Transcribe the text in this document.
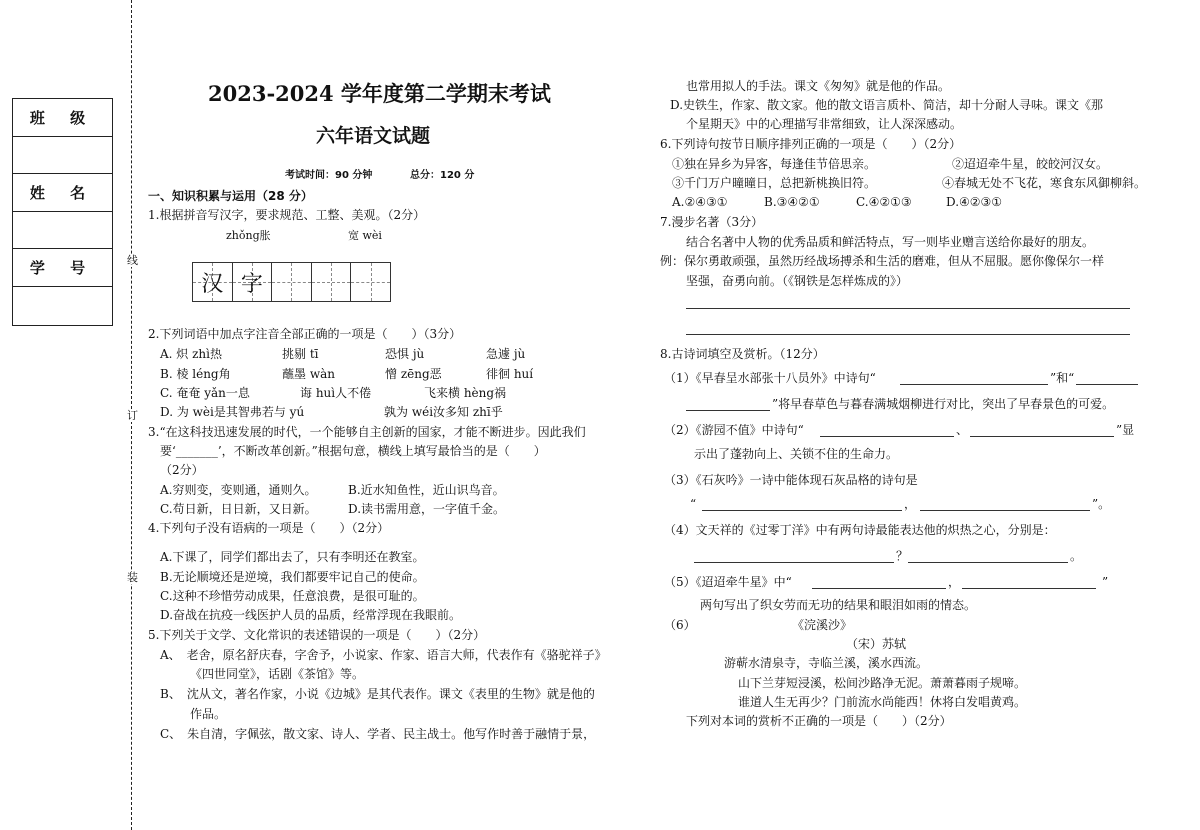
线
订
装
班 级
姓 名
学 号
2023-2024 学年度第二学期末考试
六年语文试题
考试时间：90 分钟	总分：120 分
一、知识积累与运用（28 分）
1.根据拼音写汉字，要求规范、工整、美观。（2分）
zhǒng胀	宽 wèi
汉 字
2.下列词语中加点字注音全部正确的一项是（　　）（3分）
A. 炽 zhì热	挑剔 tī	恐惧 jù	急遽 jù
B. 棱 léng角	蘸墨 wàn	憎 zēng恶	徘徊 huí
C. 奄奄 yǎn一息	诲 huì人不倦	飞来横 hèng祸
D. 为 wèi是其智弗若与 yú	孰为 wéi汝多知 zhī乎
3.“在这科技迅速发展的时代，一个能够自主创新的国家，才能不断进步。因此我们
要‘_______’，不断改革创新。”根据句意，横线上填写最恰当的是（　　）
（2分）
A.穷则变，变则通，通则久。	B.近水知鱼性，近山识鸟音。
C.苟日新，日日新，又日新。	D.读书需用意，一字值千金。
4.下列句子没有语病的一项是（　　）（2分）
A.下课了，同学们都出去了，只有李明还在教室。
B.无论顺境还是逆境，我们都要牢记自己的使命。
C.这种不珍惜劳动成果，任意浪费，是很可耻的。
D.奋战在抗疫一线医护人员的品质，经常浮现在我眼前。
5.下列关于文学、文化常识的表述错误的一项是（　　）（2分）
A、　老舍，原名舒庆春，字舍予，小说家、作家、语言大师，代表作有《骆驼祥子》
《四世同堂》，话剧《茶馆》等。
B、　沈从文，著名作家，小说《边城》是其代表作。课文《表里的生物》就是他的
作品。
C、　朱自清，字佩弦，散文家、诗人、学者、民主战士。他写作时善于融情于景，
也常用拟人的手法。课文《匆匆》就是他的作品。
D.史铁生，作家、散文家。他的散文语言质朴、简洁，却十分耐人寻味。课文《那
个星期天》中的心理描写非常细致，让人深深感动。
6.下列诗句按节日顺序排列正确的一项是（　　）（2分）
①独在异乡为异客，每逢佳节倍思亲。	②迢迢牵牛星，皎皎河汉女。
③千门万户曈曈日，总把新桃换旧符。	④春城无处不飞花，寒食东风御柳斜。
A.②④③①	B.③④②①	C.④②①③	D.④②③①
7.漫步名著（3分）
结合名著中人物的优秀品质和鲜活特点，写一则毕业赠言送给你最好的朋友。
例：保尔勇敢顽强，虽然历经战场搏杀和生活的磨难，但从不屈服。愿你像保尔一样
坚强，奋勇向前。（《钢铁是怎样炼成的》）
8.古诗词填空及赏析。（12分）
（1）《早春呈水部张十八员外》中诗句“	”和“
”将早春草色与暮春满城烟柳进行对比，突出了早春景色的可爱。
（2）《游园不值》中诗句“	、	”显
示出了蓬勃向上、关锁不住的生命力。
（3）《石灰吟》一诗中能体现石灰品格的诗句是
“	，	”。
（4）文天祥的《过零丁洋》中有两句诗最能表达他的炽热之心，分别是：
？	。
（5）《迢迢牵牛星》中“	，	”
两句写出了织女劳而无功的结果和眼泪如雨的情态。
（6）	《浣溪沙》
（宋）苏轼
游蕲水清泉寺，寺临兰溪，溪水西流。
山下兰芽短浸溪，松间沙路净无泥。萧萧暮雨子规啼。
谁道人生无再少？门前流水尚能西！休将白发唱黄鸡。
下列对本词的赏析不正确的一项是（　　）（2分）
